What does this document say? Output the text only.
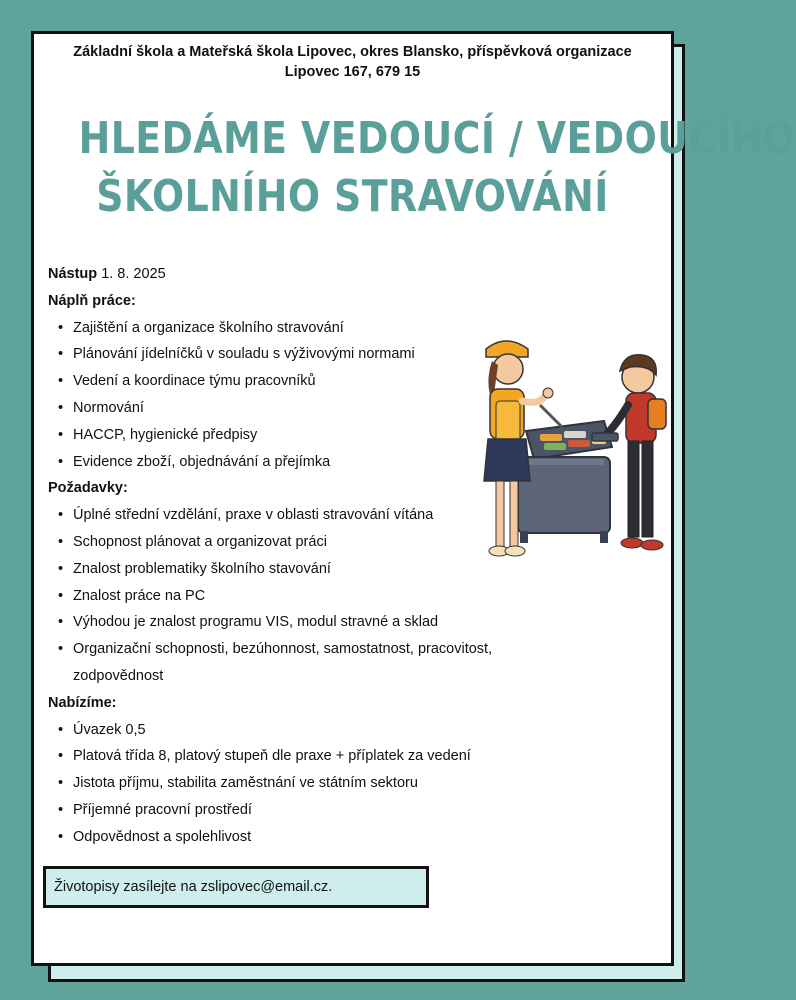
Základní škola a Mateřská škola Lipovec, okres Blansko, příspěvková organizace
Lipovec 167, 679 15
HLEDÁME VEDOUCÍ / VEDOUCÍHO
ŠKOLNÍHO STRAVOVÁNÍ
Nástup 1. 8. 2025
Náplň práce:
• Zajištění a organizace školního stravování
• Plánování jídelníčků v souladu s výživovými normami
• Vedení a koordinace týmu pracovníků
• Normování
• HACCP, hygienické předpisy
• Evidence zboží, objednávání a přejímka
Požadavky:
• Úplné střední vzdělání, praxe v oblasti stravování vítána
• Schopnost plánovat a organizovat práci
• Znalost problematiky školního stavování
• Znalost práce na PC
• Výhodou je znalost programu VIS, modul stravné a sklad
• Organizační schopnosti, bezúhonnost, samostatnost, pracovitost,
zodpovědnost
Nabízíme:
• Úvazek 0,5
• Platová třída 8, platový stupeň dle praxe + příplatek za vedení
• Jistota příjmu, stabilita zaměstnání ve státním sektoru
• Příjemné pracovní prostředí
• Odpovědnost a spolehlivost
Životopisy zasílejte na zslipovec@email.cz.
